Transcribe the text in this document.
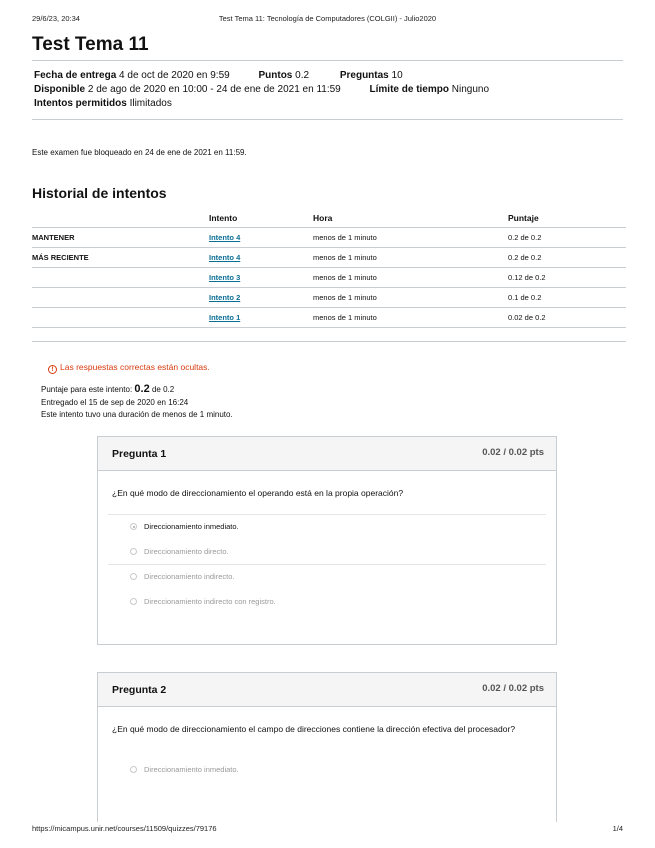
29/6/23, 20:34	Test Tema 11: Tecnología de Computadores (COLGII) - Julio2020
Test Tema 11
Fecha de entrega 4 de oct de 2020 en 9:59	Puntos 0.2	Preguntas 10
Disponible 2 de ago de 2020 en 10:00 - 24 de ene de 2021 en 11:59	Límite de tiempo Ninguno
Intentos permitidos Ilimitados

Este examen fue bloqueado en 24 de ene de 2021 en 11:59.

Historial de intentos
	Intento	Hora	Puntaje
MANTENER	Intento 4	menos de 1 minuto	0.2 de 0.2
MÁS RECIENTE	Intento 4	menos de 1 minuto	0.2 de 0.2
	Intento 3	menos de 1 minuto	0.12 de 0.2
	Intento 2	menos de 1 minuto	0.1 de 0.2
	Intento 1	menos de 1 minuto	0.02 de 0.2
! Las respuestas correctas están ocultas.
Puntaje para este intento: 0.2 de 0.2
Entregado el 15 de sep de 2020 en 16:24
Este intento tuvo una duración de menos de 1 minuto.
Pregunta 1	0.02 / 0.02 pts
¿En qué modo de direccionamiento el operando está en la propia operación?
Direccionamiento inmediato.
Direccionamiento directo.
Direccionamiento indirecto.
Direccionamiento indirecto con registro.
Pregunta 2	0.02 / 0.02 pts
¿En qué modo de direccionamiento el campo de direcciones contiene la dirección efectiva del procesador?
Direccionamiento inmediato.
https://micampus.unir.net/courses/11509/quizzes/79176	1/4
